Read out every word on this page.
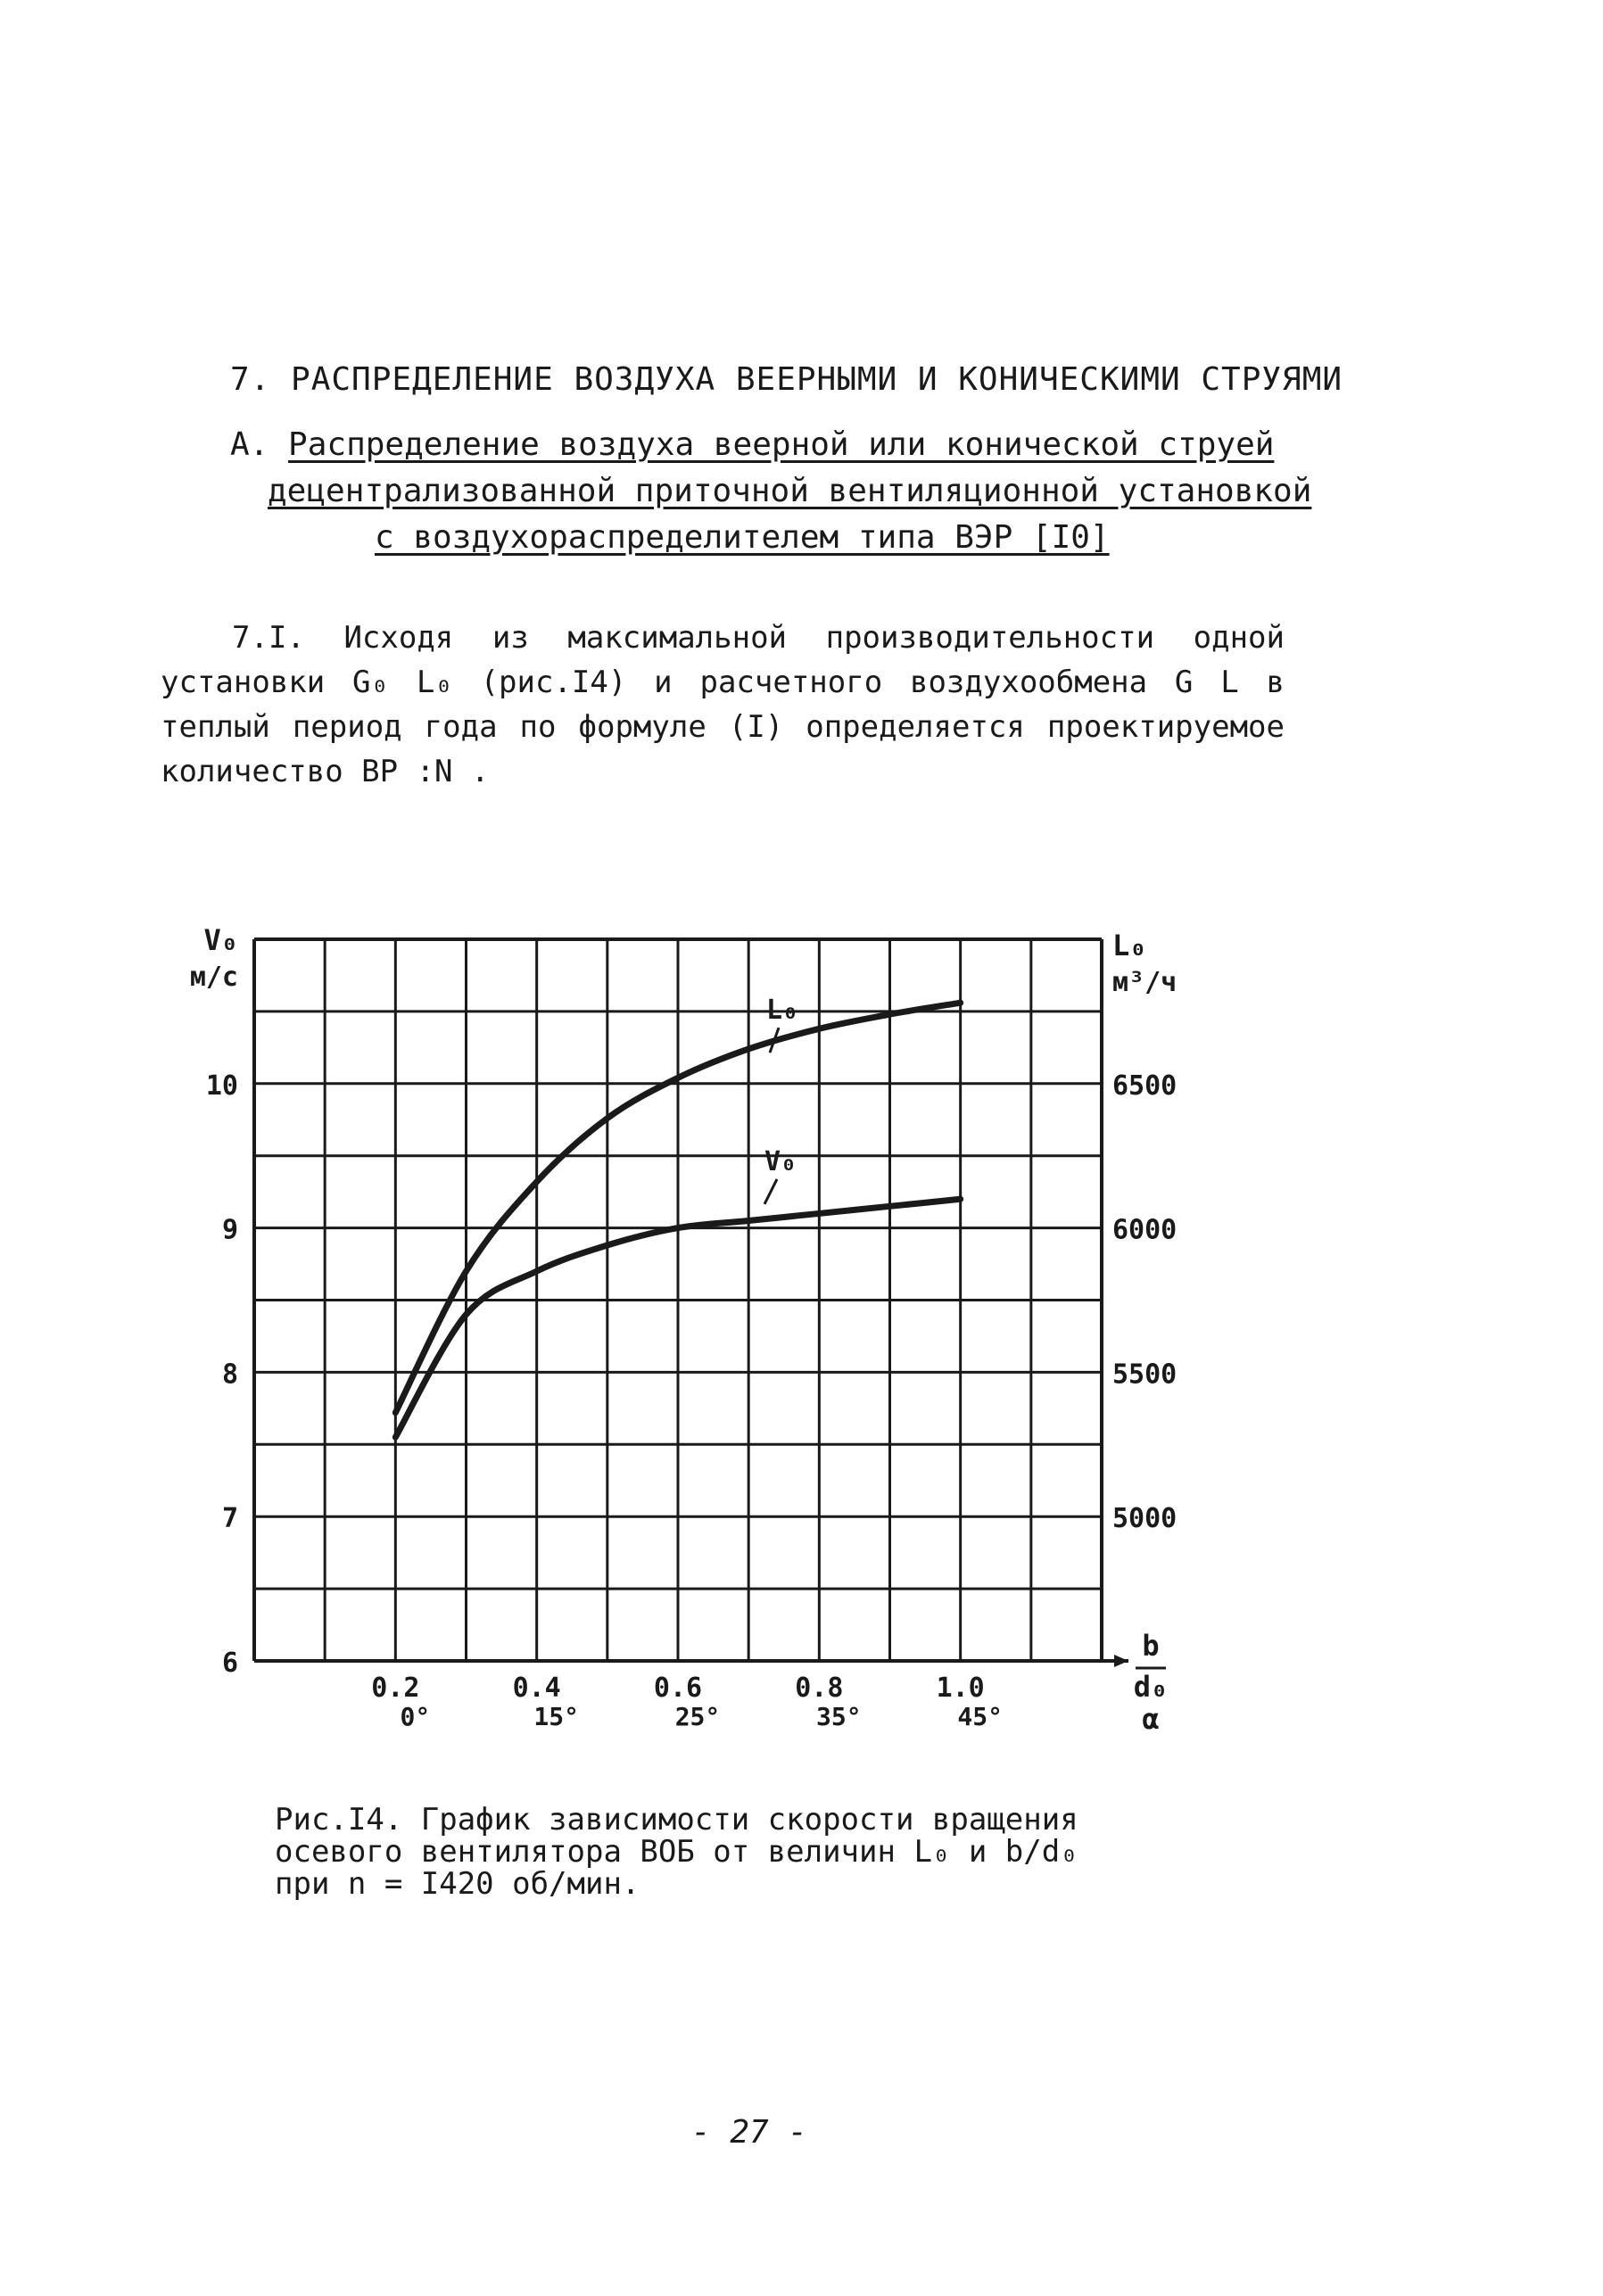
7. РАСПРЕДЕЛЕНИЕ ВОЗДУХА ВЕЕРНЫМИ И КОНИЧЕСКИМИ СТРУЯМИ
А. Распределение воздуха веерной или конической струей
децентрализованной приточной вентиляционной установкой
с воздухораспределителем типа ВЭР [I0]

7.I. Исходя из максимальной производительности одной установки G₀ L₀ (рис.I4) и расчетного воздухообмена G L в теплый период года по формуле (I) определяется проектируемое количество ВР :N .

10
9
8
7
6
6500
6000
5500
5000
0.2
0°
0.4
15°
0.6
25°
0.8
35°
1.0
45°
V₀
м/с
L₀
м³/ч
b
d₀
α
L₀
V₀

Рис.I4. График зависимости скорости вращения

осевого вентилятора ВОБ от величин L₀ и b/d₀

при n = I420 об/мин.

- 27 -
